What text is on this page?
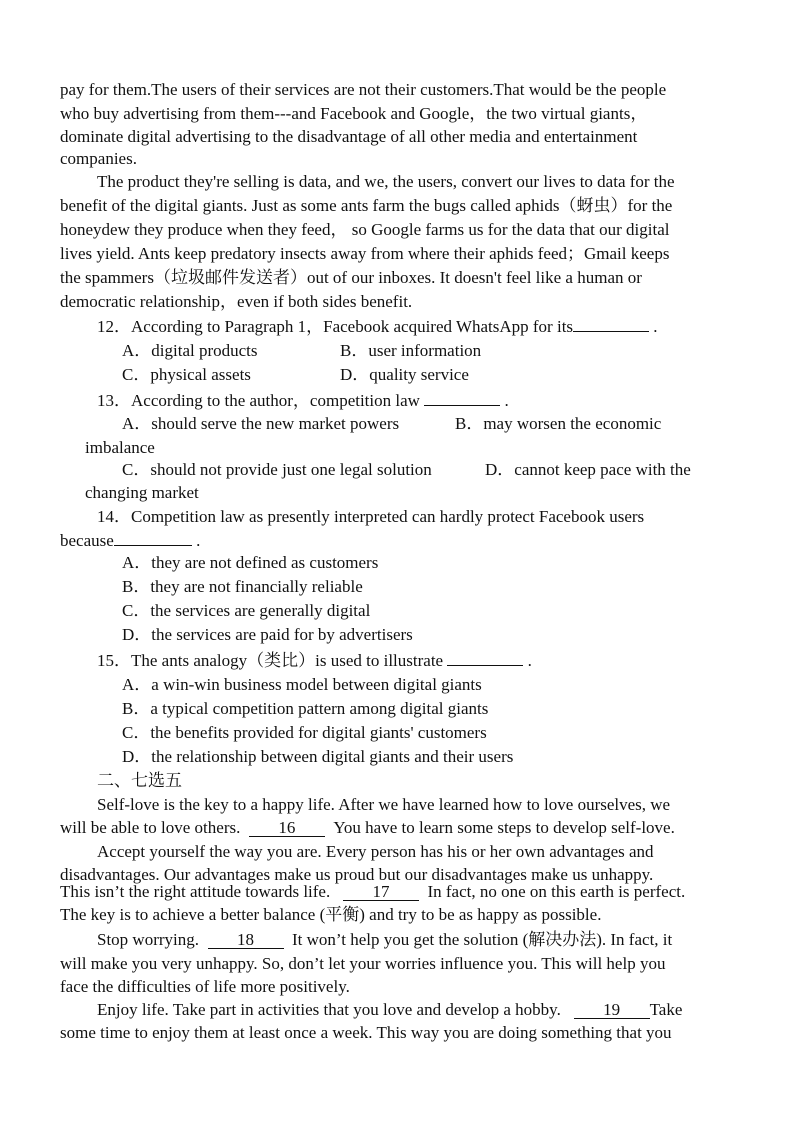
pay for them.The users of their services are not their customers.That would be the people
who buy advertising from them---and Facebook and Google，the two virtual giants，
dominate digital advertising to the disadvantage of all other media and entertainment
companies.
The product they're selling is data, and we, the users, convert our lives to data for the
benefit of the digital giants. Just as some ants farm the bugs called aphids（蚜虫）for the
honeydew they produce when they feed， so Google farms us for the data that our digital
lives yield. Ants keep predatory insects away from where their aphids feed；Gmail keeps
the spammers（垃圾邮件发送者）out of our inboxes. It doesn't feel like a human or
democratic relationship，even if both sides benefit.
12．According to Paragraph 1，Facebook acquired WhatsApp for its	.
A．digital products	B．user information
C．physical assets	D．quality service
13．According to the author，competition law	.
A．should serve the new market powers	B．may worsen the economic
imbalance
C．should not provide just one legal solution	D．cannot keep pace with the
changing market
14．Competition law as presently interpreted can hardly protect Facebook users
because	.
A．they are not defined as customers
B．they are not financially reliable
C．the services are generally digital
D．the services are paid for by advertisers
15．The ants analogy（类比）is used to illustrate	.
A．a win-win business model between digital giants
B．a typical competition pattern among digital giants
C．the benefits provided for digital giants' customers
D．the relationship between digital giants and their users
二、七选五
Self-love is the key to a happy life. After we have learned how to love ourselves, we
will be able to love others. 16 You have to learn some steps to develop self-love.
Accept yourself the way you are. Every person has his or her own advantages and
disadvantages. Our advantages make us proud but our disadvantages make us unhappy.
This isn’t the right attitude towards life. 17 In fact, no one on this earth is perfect.
The key is to achieve a better balance (平衡) and try to be as happy as possible.
Stop worrying. 18 It won’t help you get the solution (解决办法). In fact, it
will make you very unhappy. So, don’t let your worries influence you. This will help you
face the difficulties of life more positively.
Enjoy life. Take part in activities that you love and develop a hobby. 19 Take
some time to enjoy them at least once a week. This way you are doing something that you
